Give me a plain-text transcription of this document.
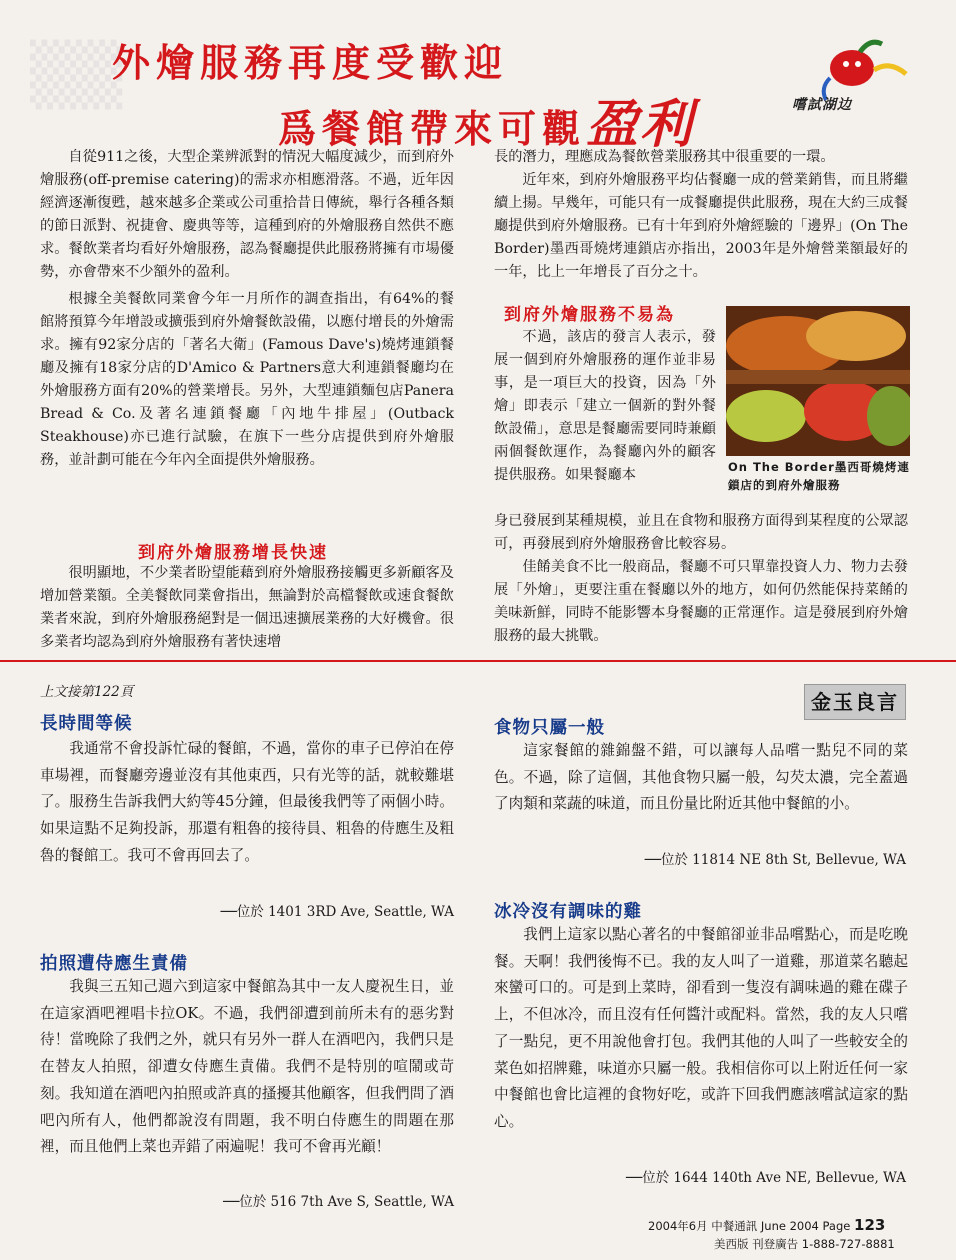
▒▒
外燴服務再度受歡迎
爲餐館帶來可觀盈利	嚐試湖边

自從911之後，大型企業辨派對的情況大幅度減少，而到府外燴服務(off-premise catering)的需求亦相應滑落。不過，近年因經濟逐漸復甦，越來越多企業或公司重拾昔日傳統，舉行各種各類的節日派對、祝捷會、慶典等等，這種到府的外燴服務自然供不應求。餐飲業者均看好外燴服務，認為餐廳提供此服務將擁有市場優勢，亦會帶來不少額外的盈利。

根據全美餐飲同業會今年一月所作的調查指出，有64%的餐館將預算今年增設或擴張到府外燴餐飲設備，以應付增長的外燴需求。擁有92家分店的「著名大衛」(Famous Dave's)燒烤連鎖餐廳及擁有18家分店的D'Amico & Partners意大利連鎖餐廳均在外燴服務方面有20%的營業增長。另外，大型連鎖麵包店Panera Bread & Co.及著名連鎖餐廳「內地牛排屋」(Outback Steakhouse)亦已進行試驗，在旗下一些分店提供到府外燴服務，並計劃可能在今年內全面提供外燴服務。

到府外燴服務增長快速

很明顯地，不少業者盼望能藉到府外燴服務接觸更多新顧客及增加營業額。全美餐飲同業會指出，無論對於高檔餐飲或速食餐飲業者來說，到府外燴服務絕對是一個迅速擴展業務的大好機會。很多業者均認為到府外燴服務有著快速增

長的潛力，理應成為餐飲營業服務其中很重要的一環。

近年來，到府外燴服務平均佔餐廳一成的營業銷售，而且將繼續上揚。早幾年，可能只有一成餐廳提供此服務，現在大約三成餐廳提供到府外燴服務。已有十年到府外燴經驗的「邊界」(On The Border)墨西哥燒烤連鎖店亦指出，2003年是外燴營業額最好的一年，比上一年增長了百分之十。

到府外燴服務不易為

不過，該店的發言人表示，發展一個到府外燴服務的運作並非易事，是一項巨大的投資，因為「外燴」即表示「建立一個新的對外餐飲設備」，意思是餐廳需要同時兼顧兩個餐飲運作，為餐廳內外的顧客提供服務。如果餐廳本

身已發展到某種規模，並且在食物和服務方面得到某程度的公眾認可，再發展到府外燴服務會比較容易。

佳餚美食不比一般商品，餐廳不可只單靠投資人力、物力去發展「外燴」，更要注重在餐廳以外的地方，如何仍然能保持菜餚的美味新鮮，同時不能影響本身餐廳的正常運作。這是發展到府外燴服務的最大挑戰。

On The Border墨西哥燒烤連鎖店的到府外燴服務
上文接第122頁	金玉良言
長時間等候

我通常不會投訴忙碌的餐館，不過，當你的車子已停泊在停車場裡，而餐廳旁邊並沒有其他東西，只有光等的話，就較難堪了。服務生告訴我們大約等45分鐘，但最後我們等了兩個小時。如果這點不足夠投訴，那還有粗魯的接待員、粗魯的侍應生及粗魯的餐館工。我可不會再回去了。

──位於 1401 3RD Ave, Seattle, WA
拍照遭侍應生責備

我與三五知己週六到這家中餐館為其中一友人慶祝生日，並在這家酒吧裡唱卡拉OK。不過，我們卻遭到前所未有的惡劣對待！當晚除了我們之外，就只有另外一群人在酒吧內，我們只是在替友人拍照，卻遭女侍應生責備。我們不是特別的喧鬧或苛刻。我知道在酒吧內拍照或許真的搔擾其他顧客，但我們問了酒吧內所有人，他們都說沒有問題，我不明白侍應生的問題在那裡，而且他們上菜也弄錯了兩遍呢！我可不會再光顧！

──位於 516 7th Ave S, Seattle, WA
食物只屬一般

這家餐館的雜錦盤不錯，可以讓每人品嚐一點兒不同的菜色。不過，除了這個，其他食物只屬一般，勾芡太濃，完全蓋過了肉類和菜蔬的味道，而且份量比附近其他中餐館的小。

──位於 11814 NE 8th St, Bellevue, WA
冰冷沒有調味的雞

我們上這家以點心著名的中餐館卻並非品嚐點心，而是吃晚餐。天啊！我們後悔不已。我的友人叫了一道雞，那道菜名聽起來蠻可口的。可是到上菜時，卻看到一隻沒有調味過的雞在碟子上，不但冰冷，而且沒有任何醬汁或配料。當然，我的友人只嚐了一點兒，更不用說他會打包。我們其他的人叫了一些較安全的菜色如招牌雞，味道亦只屬一般。我相信你可以上附近任何一家中餐館也會比這裡的食物好吃，或許下回我們應該嚐試這家的點心。

──位於 1644 140th Ave NE, Bellevue, WA
2004年6月 中餐通訊 June 2004 Page 123
美西版 刊登廣告 1-888-727-8881
